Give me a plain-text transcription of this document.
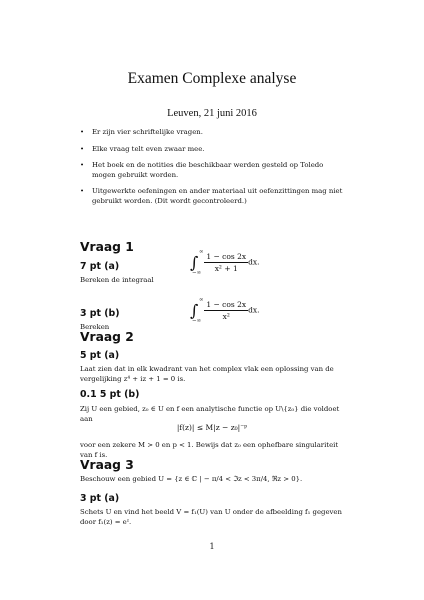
Examen Complexe analyse
Leuven, 21 juni 2016
• Er zijn vier schriftelijke vragen.
• Elke vraag telt even zwaar mee.
• Het boek en de notities die beschikbaar werden gesteld op Toledo mogen gebruikt worden.
• Uitgewerkte oefeningen en ander materiaal uit oefenzittingen mag niet gebruikt worden. (Dit wordt gecontroleerd.)
Vraag 1
7 pt (a)
Bereken de integraal
∫
∞
−∞ $\frac{1 - \cos 2x}{\text{x² + 1}}$ dx.
3 pt (b)
Bereken
∫
∞
−∞ $\frac{1 - \cos 2x}{\text{x²}}$ dx.
Vraag 2
5 pt (a)
Laat zien dat in elk kwadrant van het complex vlak een oplossing van de vergelijking z⁴ + iz + 1 = 0 is.
0.1 5 pt (b)
Zij U een gebied, z₀ ∈ U en f een analytische functie op U\{z₀} die voldoet aan
|f(z)| ≤ M|z − z₀|⁻ᵖ
voor een zekere M > 0 en p < 1. Bewijs dat z₀ een ophefbare singulariteit van f is.
Vraag 3
Beschouw een gebied U = {z ∈ ℂ | − π/4 < ℑz < 3π/4, ℜz > 0}.
3 pt (a)
Schets U en vind het beeld V = f₁(U) van U onder de afbeelding f₁ gegeven door f₁(z) = eᶻ.
1
